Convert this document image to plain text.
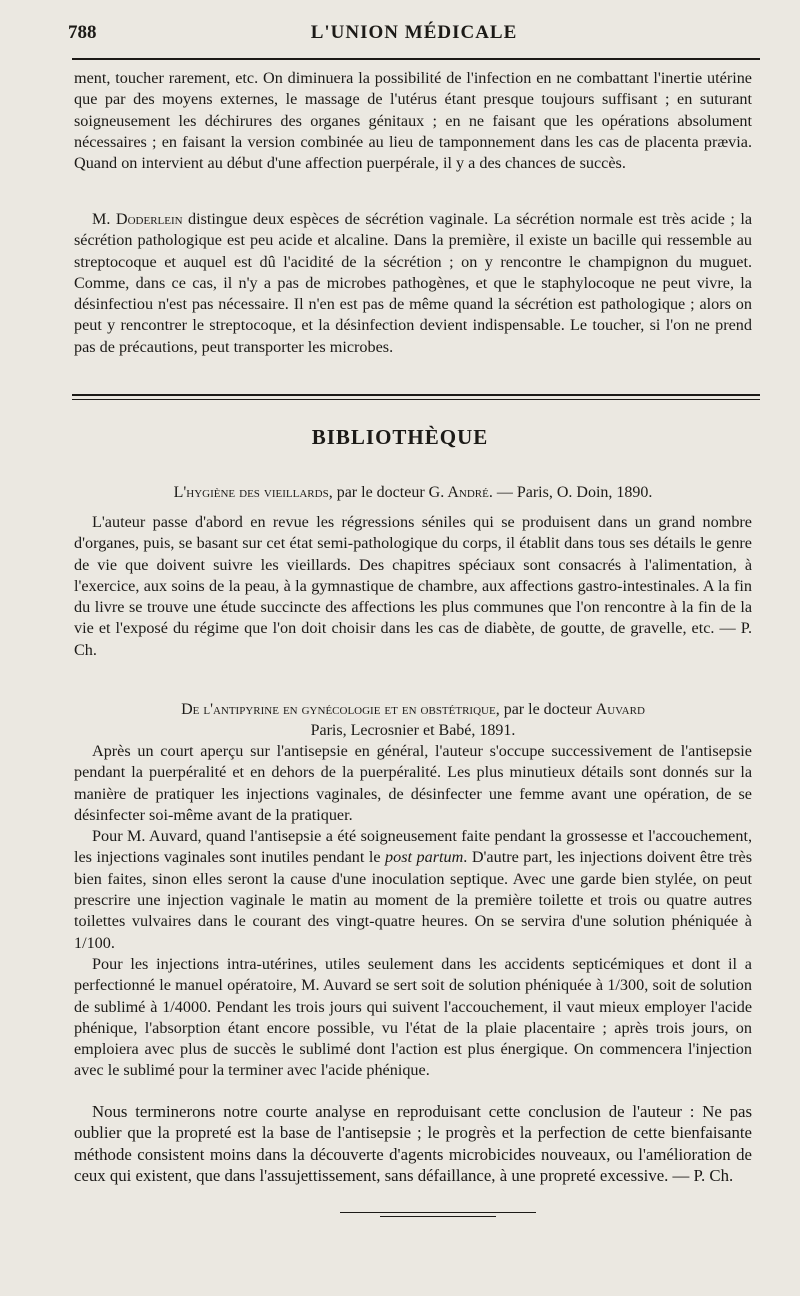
788	L'UNION MÉDICALE

ment, toucher rarement, etc. On diminuera la possibilité de l'infection en ne combattant l'inertie utérine que par des moyens externes, le massage de l'utérus étant presque toujours suffisant ; en suturant soigneusement les déchirures des organes génitaux ; en ne faisant que les opérations absolument nécessaires ; en faisant la version combinée au lieu de tamponnement dans les cas de placenta prævia. Quand on intervient au début d'une affection puerpérale, il y a des chances de succès.

M. Doderlein distingue deux espèces de sécrétion vaginale. La sécrétion normale est très acide ; la sécrétion pathologique est peu acide et alcaline. Dans la première, il existe un bacille qui ressemble au streptocoque et auquel est dû l'acidité de la sécrétion ; on y rencontre le champignon du muguet. Comme, dans ce cas, il n'y a pas de microbes pathogènes, et que le staphylocoque ne peut vivre, la désinfectiou n'est pas nécessaire. Il n'en est pas de même quand la sécrétion est pathologique ; alors on peut y rencontrer le streptocoque, et la désinfection devient indispensable. Le toucher, si l'on ne prend pas de précautions, peut transporter les microbes.

BIBLIOTHÈQUE
L'hygiène des vieillards, par le docteur G. André. — Paris, O. Doin, 1890.

L'auteur passe d'abord en revue les régressions séniles qui se produisent dans un grand nombre d'organes, puis, se basant sur cet état semi-pathologique du corps, il établit dans tous ses détails le genre de vie que doivent suivre les vieillards. Des chapitres spéciaux sont consacrés à l'alimentation, à l'exercice, aux soins de la peau, à la gymnastique de chambre, aux affections gastro-intestinales. A la fin du livre se trouve une étude succincte des affections les plus communes que l'on rencontre à la fin de la vie et l'exposé du régime que l'on doit choisir dans les cas de diabète, de goutte, de gravelle, etc. — P. Ch.

De l'antipyrine en gynécologie et en obstétrique, par le docteur Auvard
Paris, Lecrosnier et Babé, 1891.

Après un court aperçu sur l'antisepsie en général, l'auteur s'occupe successivement de l'antisepsie pendant la puerpéralité et en dehors de la puerpéralité. Les plus minutieux détails sont donnés sur la manière de pratiquer les injections vaginales, de désinfecter une femme avant une opération, de se désinfecter soi-même avant de la pratiquer.

Pour M. Auvard, quand l'antisepsie a été soigneusement faite pendant la grossesse et l'accouchement, les injections vaginales sont inutiles pendant le post partum. D'autre part, les injections doivent être très bien faites, sinon elles seront la cause d'une inoculation septique. Avec une garde bien stylée, on peut prescrire une injection vaginale le matin au moment de la première toilette et trois ou quatre autres toilettes vulvaires dans le courant des vingt-quatre heures. On se servira d'une solution phéniquée à 1/100.

Pour les injections intra-utérines, utiles seulement dans les accidents septicémiques et dont il a perfectionné le manuel opératoire, M. Auvard se sert soit de solution phéniquée à 1/300, soit de solution de sublimé à 1/4000. Pendant les trois jours qui suivent l'accouchement, il vaut mieux employer l'acide phénique, l'absorption étant encore possible, vu l'état de la plaie placentaire ; après trois jours, on emploiera avec plus de succès le sublimé dont l'action est plus énergique. On commencera l'injection avec le sublimé pour la terminer avec l'acide phénique.

Nous terminerons notre courte analyse en reproduisant cette conclusion de l'auteur : Ne pas oublier que la propreté est la base de l'antisepsie ; le progrès et la perfection de cette bienfaisante méthode consistent moins dans la découverte d'agents microbicides nouveaux, ou l'amélioration de ceux qui existent, que dans l'assujettissement, sans défaillance, à une propreté excessive. — P. Ch.
